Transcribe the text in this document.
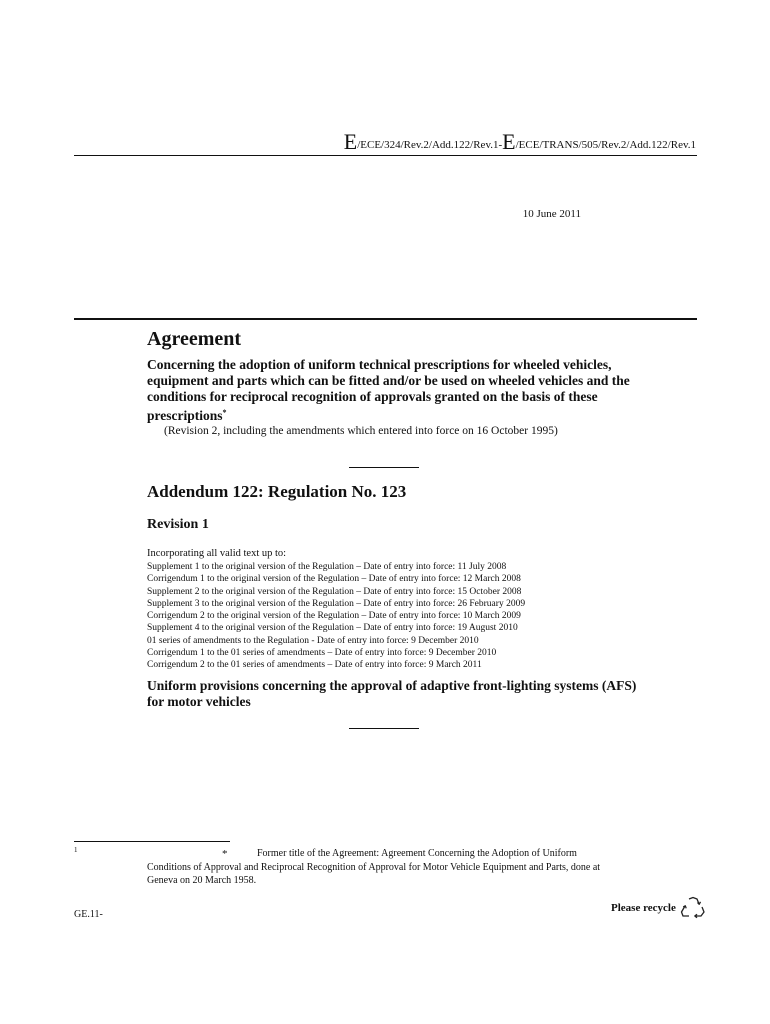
E/ECE/324/Rev.2/Add.122/Rev.1-E/ECE/TRANS/505/Rev.2/Add.122/Rev.1
10 June 2011
Agreement
Concerning the adoption of uniform technical prescriptions for wheeled vehicles, equipment and parts which can be fitted and/or be used on wheeled vehicles and the conditions for reciprocal recognition of approvals granted on the basis of these prescriptions*
(Revision 2, including the amendments which entered into force on 16 October 1995)
Addendum 122: Regulation No. 123
Revision 1
Incorporating all valid text up to:
Supplement 1 to the original version of the Regulation – Date of entry into force: 11 July 2008
Corrigendum 1 to the original version of the Regulation – Date of entry into force: 12 March 2008
Supplement 2 to the original version of the Regulation – Date of entry into force: 15 October 2008
Supplement 3 to the original version of the Regulation – Date of entry into force: 26 February 2009
Corrigendum 2 to the original version of the Regulation – Date of entry into force: 10 March 2009
Supplement 4 to the original version of the Regulation – Date of entry into force: 19 August 2010
01 series of amendments to the Regulation - Date of entry into force: 9 December 2010
Corrigendum 1 to the 01 series of amendments – Date of entry into force: 9 December 2010
Corrigendum 2 to the 01 series of amendments – Date of entry into force: 9 March 2011
Uniform provisions concerning the approval of adaptive front-lighting systems (AFS) for motor vehicles
1	*	Former title of the Agreement: Agreement Concerning the Adoption of Uniform Conditions of Approval and Reciprocal Recognition of Approval for Motor Vehicle Equipment and Parts, done at Geneva on 20 March 1958.
GE.11-
Please recycle
